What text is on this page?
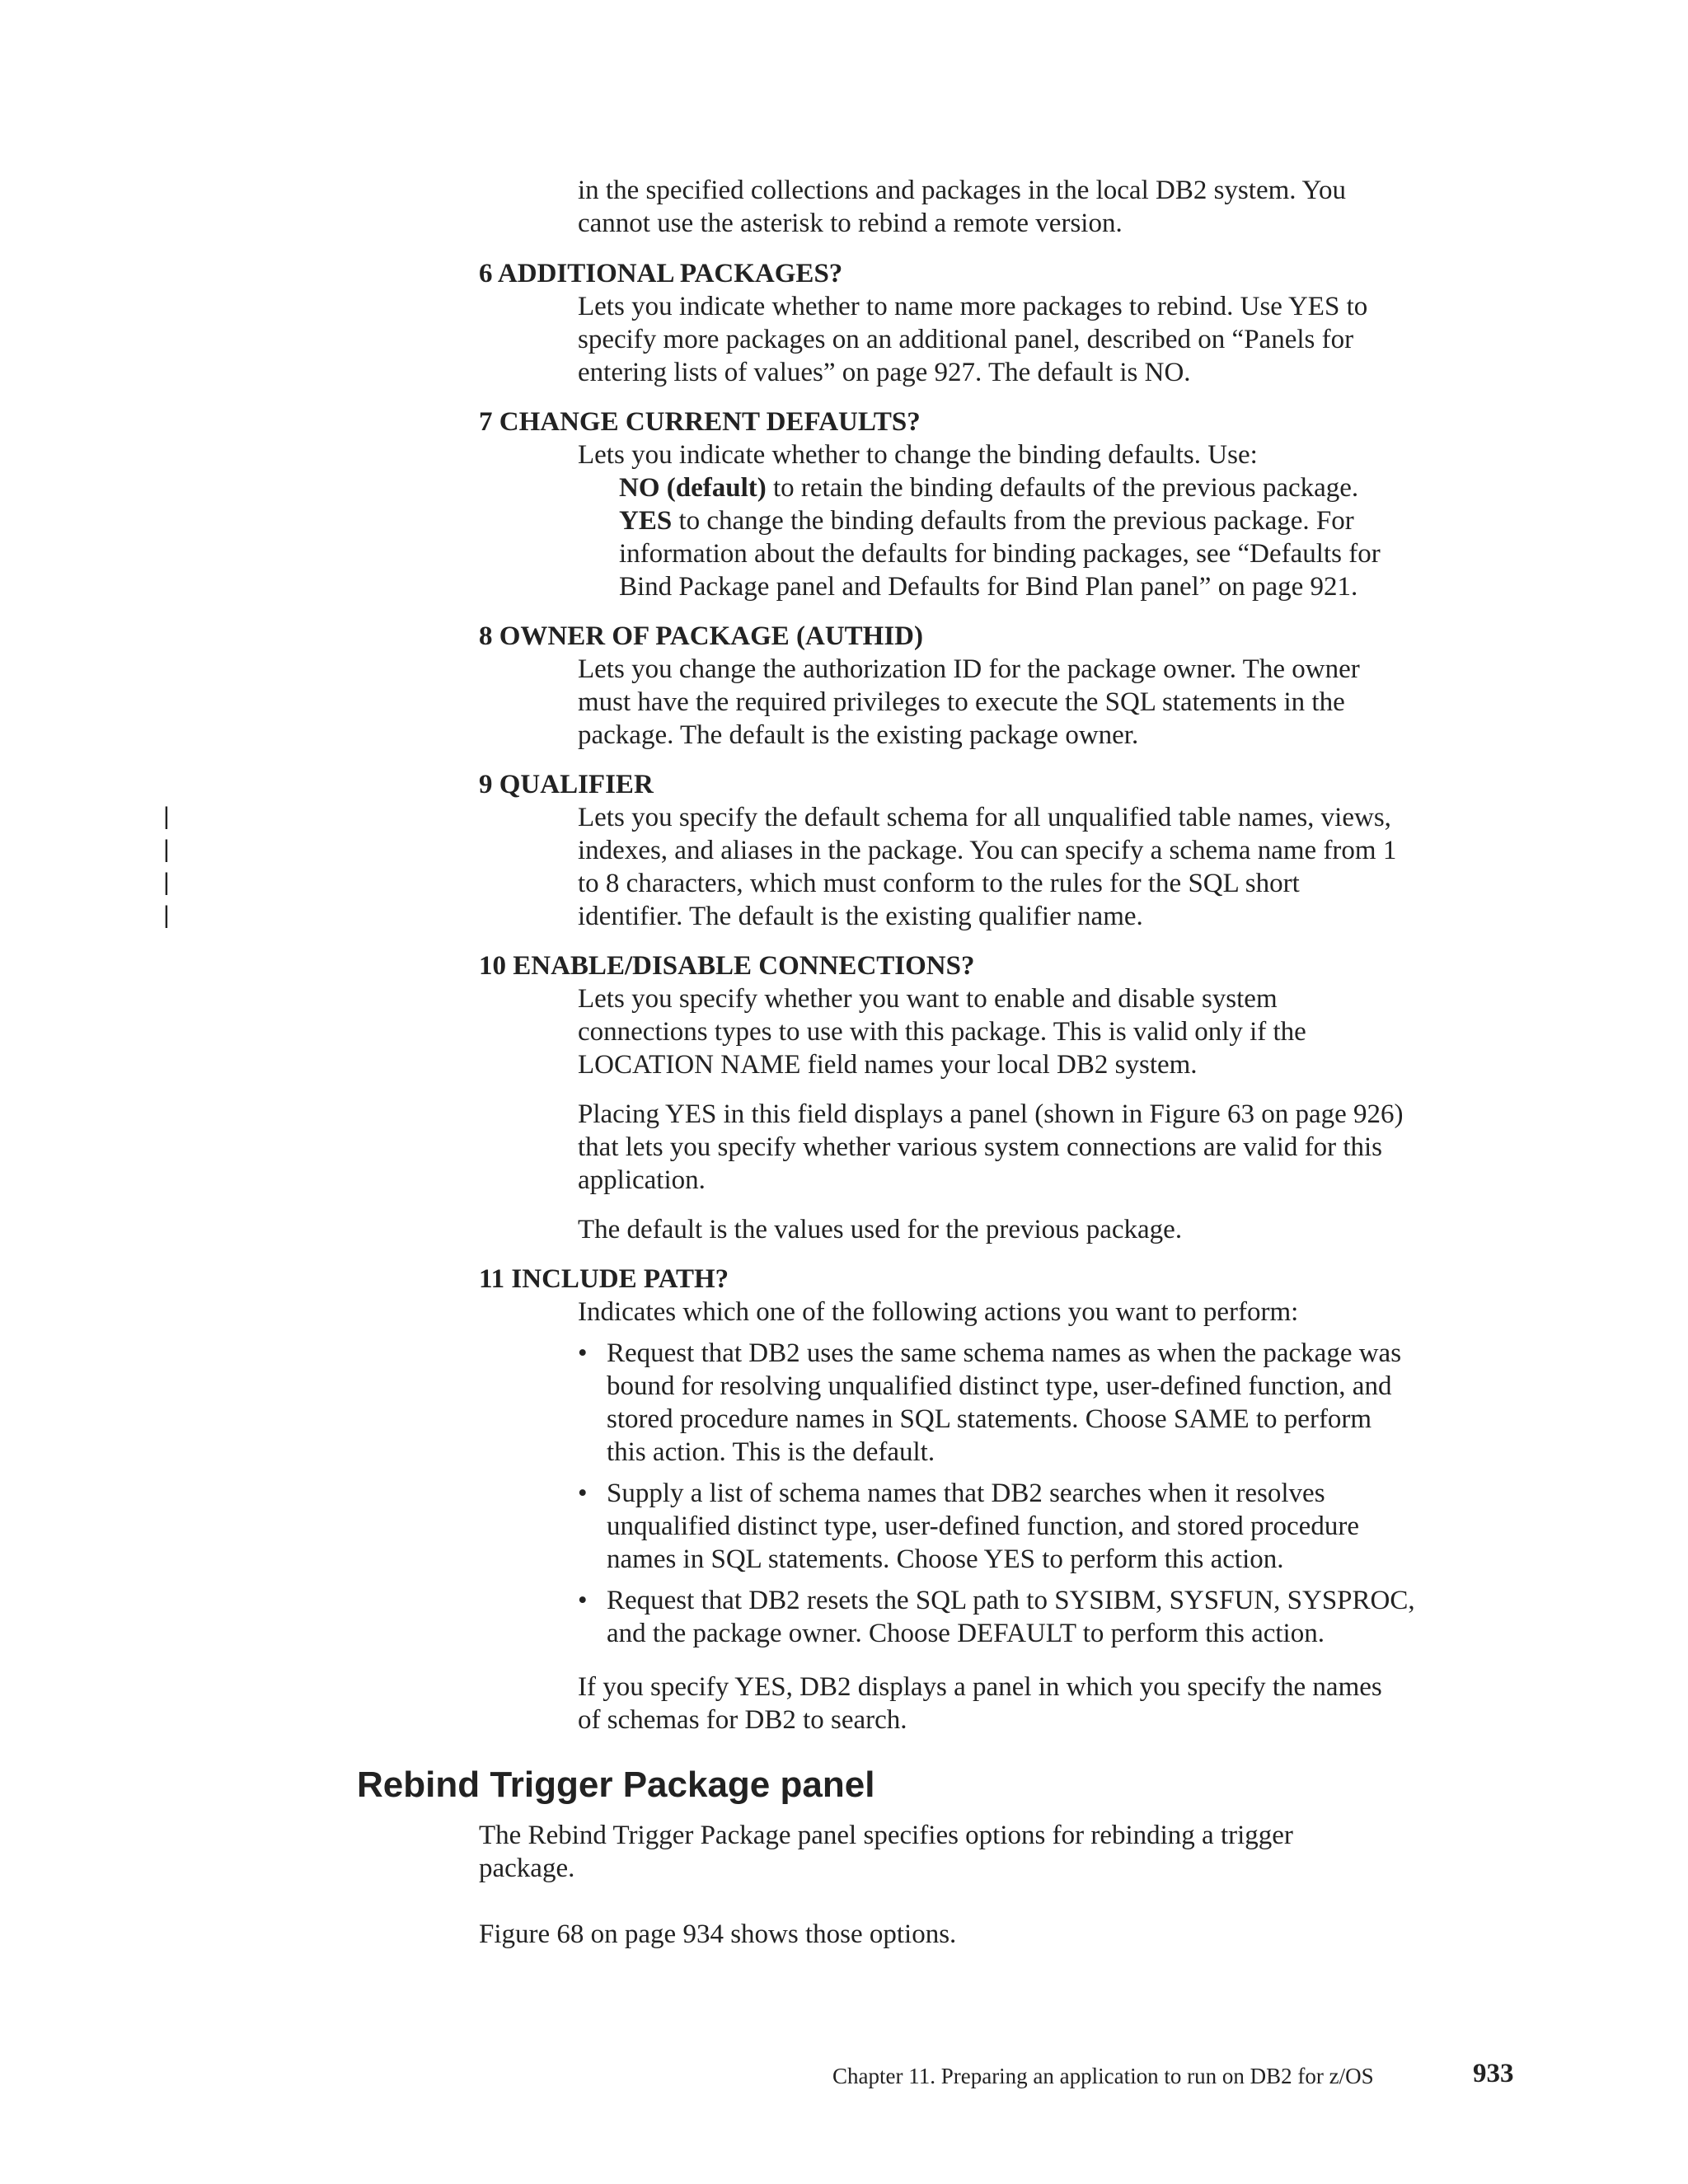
in the specified collections and packages in the local DB2 system. You
cannot use the asterisk to rebind a remote version.
6 ADDITIONAL PACKAGES?
Lets you indicate whether to name more packages to rebind. Use YES to
specify more packages on an additional panel, described on “Panels for
entering lists of values” on page 927. The default is NO.
7 CHANGE CURRENT DEFAULTS?
Lets you indicate whether to change the binding defaults. Use:
NO (default) to retain the binding defaults of the previous package.
YES to change the binding defaults from the previous package. For
information about the defaults for binding packages, see “Defaults for
Bind Package panel and Defaults for Bind Plan panel” on page 921.
8 OWNER OF PACKAGE (AUTHID)
Lets you change the authorization ID for the package owner. The owner
must have the required privileges to execute the SQL statements in the
package. The default is the existing package owner.
9 QUALIFIER
|
|
|
|
Lets you specify the default schema for all unqualified table names, views,
indexes, and aliases in the package. You can specify a schema name from 1
to 8 characters, which must conform to the rules for the SQL short
identifier. The default is the existing qualifier name.
10 ENABLE/DISABLE CONNECTIONS?
Lets you specify whether you want to enable and disable system
connections types to use with this package. This is valid only if the
LOCATION NAME field names your local DB2 system.
Placing YES in this field displays a panel (shown in Figure 63 on page 926)
that lets you specify whether various system connections are valid for this
application.
The default is the values used for the previous package.
11 INCLUDE PATH?
Indicates which one of the following actions you want to perform:
• Request that DB2 uses the same schema names as when the package was
bound for resolving unqualified distinct type, user-defined function, and
stored procedure names in SQL statements. Choose SAME to perform
this action. This is the default.
• Supply a list of schema names that DB2 searches when it resolves
unqualified distinct type, user-defined function, and stored procedure
names in SQL statements. Choose YES to perform this action.
• Request that DB2 resets the SQL path to SYSIBM, SYSFUN, SYSPROC,
and the package owner. Choose DEFAULT to perform this action.
If you specify YES, DB2 displays a panel in which you specify the names
of schemas for DB2 to search.
Rebind Trigger Package panel
The Rebind Trigger Package panel specifies options for rebinding a trigger
package.
Figure 68 on page 934 shows those options.
Chapter 11. Preparing an application to run on DB2 for z/OS	933
